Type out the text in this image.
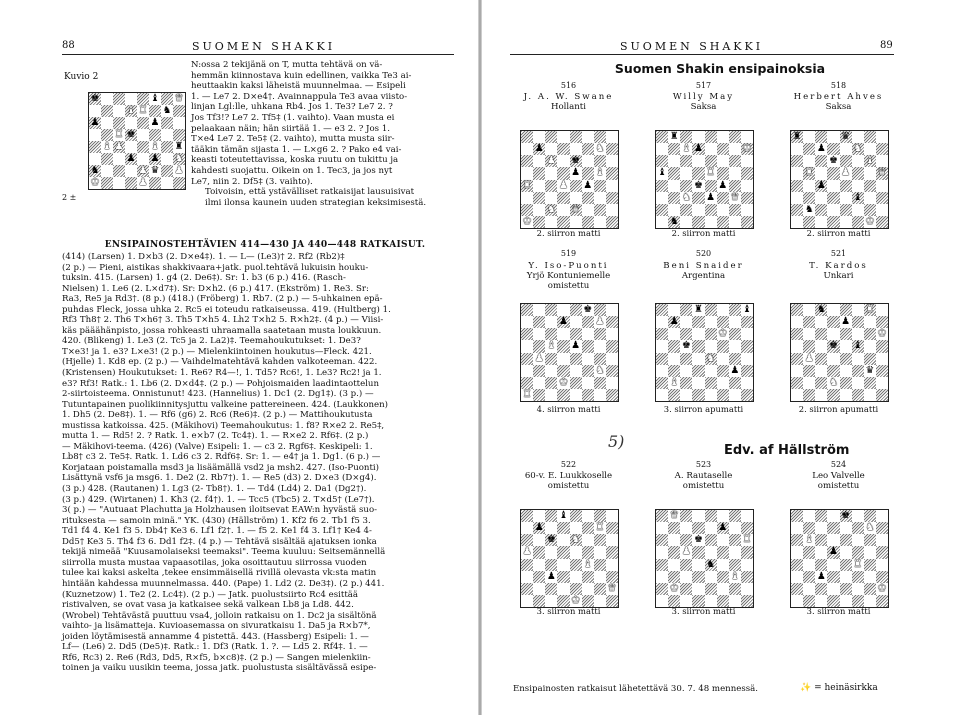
88	SUOMEN SHAKKI
Kuvio 2
♚	♝ ♛
♝ ♜ ♞
♟	♟
♜ ♚
♝ ♟	♝ ♜
♟ ♟ ♞
♞	♟ ♛ ♟
♚	♟
2 ±

N:ossa 2 tekijänä on T, mutta tehtävä on vä-

hemmän kiinnostava kuin edellinen, vaikka Te3 ai-

heuttaakin kaksi läheistä muunnelmaa. — Esipeli

1. — Le7 2. D×e4†. Avainnappula Te3 avaa viisto-

linjan Lgl:lle, uhkana Rb4. Jos 1. Te3? Le7 2. ?

Jos Tf3!? Le7 2. Tf5‡ (1. vaihto). Vaan musta ei

pelaakaan näin; hän siirtää 1. — e3 2. ? Jos 1.

T×e4 Le7 2. Te5‡ (2. vaihto), mutta musta siir-

tääkin tämän sijasta 1. — L×g6 2. ? Pako e4 vai-

keasti toteutettavissa, koska ruutu on tukittu ja

kahdesti suojattu. Oikein on 1. Tec3, ja jos nyt

Le7, niin 2. Df5‡ (3. vaihto).

Toivoisin, että ystävälliset ratkaisijat lausuisivat

ilmi ilonsa kaunein uuden strategian keksimisestä.

ENSIPAINOSTEHTÄVIEN 414—430 JA 440—448 RATKAISUT.

(414) (Larsen) 1. D×b3 (2. D×e4‡). 1. — L— (Le3)† 2. Rf2 (Rb2)‡

(2 p.) — Pieni, aistikas shakkivaara+jatk. puol.tehtävä lukuisin houku-

tuksin. 415. (Larsen) 1. g4 (2. De6‡). Sr: 1. b3 (6 p.) 416. (Rasch-

Nielsen) 1. Le6 (2. L×d7‡). Sr: D×h2. (6 p.) 417. (Ekström) 1. Re3. Sr:

Ra3, Re5 ja Rd3†. (8 p.) (418.) (Fröberg) 1. Rb7. (2 p.) — 5-uhkainen epä-

puhdas Fleck, jossa uhka 2. Rc5 ei toteudu ratkaiseussa. 419. (Hultberg) 1.

Rf3 Th8† 2. Th6 T×h6† 3. Th5 T×h5 4. Lh2 T×h2 5. R×h2‡. (4 p.) — Viisi-

käs pääähänpisto, jossa rohkeasti uhraamalla saatetaan musta loukkuun.

420. (Blikeng) 1. Le3 (2. Tc5 ja 2. La2)‡. Teemahoukutukset: 1. De3?

T×e3! ja 1. e3? L×e3! (2 p.) — Mielenkiintoinen houkutus—Fleck. 421.

(Hjelle) 1. Kd8 ep. (2 p.) — Vaihdelmatehtävä kahden valkoteeman. 422.

(Kristensen) Houkutukset: 1. Re6? R4—!, 1. Td5? Rc6!, 1. Le3? Rc2! ja 1.

e3? Rf3! Ratk.: 1. Lb6 (2. D×d4‡. (2 p.) — Pohjoismaiden laadintaottelun

2-siirtoisteema. Onnistunut! 423. (Hannelius) 1. Dc1 (2. Dg1‡). (3 p.) —

Tutuntapainen puolikiinnitysjuttu valkeine pattereineen. 424. (Laukkonen)

1. Dh5 (2. De8‡). 1. — Rf6 (g6) 2. Rc6 (Re6)‡. (2 p.) — Mattihoukutusta

mustissa katkoissa. 425. (Mäkihovi) Teemahoukutus: 1. f8? R×e2 2. Re5‡,

mutta 1. — Rd5! 2. ? Ratk. 1. e×b7 (2. Tc4‡). 1. — R×e2 2. Rf6‡. (2 p.)

— Mäkihovi-teema. (426) (Valve) Esipeli: 1. — c3 2. Rgf6‡. Keskipeli: 1.

Lb8† c3 2. Te5‡. Ratk. 1. Ld6 c3 2. Rdf6‡. Sr: 1. — e4† ja 1. Dg1. (6 p.) —

Korjataan poistamalla msd3 ja lisäämällä vsd2 ja msh2. 427. (Iso-Puonti)

Lisättynä vsf6 ja msg6. 1. De2 (2. Rb7†). 1. — Re5 (d3) 2. D×e3 (D×g4).

(3 p.) 428. (Rautanen) 1. Lg3 (2- Tb8†). 1. — Td4 (Ld4) 2. Da1 (Dg2†).

(3 p.) 429. (Wirtanen) 1. Kh3 (2. f4†). 1. — Tcc5 (Tbc5) 2. T×d5† (Le7†).

3( p.) — "Autuaat Plachutta ja Holzhausen iloitsevat EAW:n hyvästä suo-

rituksesta — samoin minä." YK. (430) (Hällström) 1. Kf2 f6 2. Tb1 f5 3.

Td1 f4 4. Ke1 f3 5. Db4† Ke3 6. Lf1 f2†. 1. — f5 2. Ke1 f4 3. Lf1† Ke4 4-

Dd5† Ke3 5. Th4 f3 6. Dd1 f2‡. (4 p.) — Tehtävä sisältää ajatuksen ionka

tekijä nimeää "Kuusamolaiseksi teemaksi". Teema kuuluu: Seitsemännellä

siirrolla musta mustaa vapaasotilas, joka osoittautuu siirrossa vuoden

tulee kai kaksi askelta ,tekee ensimmäisellä rivillä olevasta vk:sta matin

hintään kahdessa muunnelmassa. 440. (Pape) 1. Ld2 (2. De3‡). (2 p.) 441.

(Kuznetzow) 1. Te2 (2. Lc4‡). (2 p.) — Jatk. puolustsiirto Rc4 esittää

ristivalven, se ovat vasa ja katkaisee sekä valkean Lb8 ja Ld8. 442.

(Wrobel) Tehtävästä puuttuu vsa4, jolloin ratkaisu on 1. Dc2 ja sisältönä

vaihto- ja lisämatteja. Kuvioasemassa on sivuratkaisu 1. Da5 ja R×b7*,

joiden löytämisestä annamme 4 pistettä. 443. (Hassberg) Esipeli: 1. —

Lf— (Le6) 2. Dd5 (De5)‡. Ratk.: 1. Df3 (Ratk. 1. ?. — Ld5 2. Rf4‡. 1. —

Rf6, Rc3) 2. Re6 (Rd3, Dd5, R×f5, b×c8)‡. (2 p.) — Sangen mielenkiin-

toinen ja vaiku uusikin teema, jossa jatk. puolustusta sisältävässä esipe-

SUOMEN SHAKKI	89
Suomen Shakin ensipainoksia
Edv. af Hällström
5)
516
J. A. W. Swane
Hollanti
♟	♞
♟ ♚
♟ ♝
♜	♟ ♟
♞ ♛
♚
2. siirron matti
517
Willy May
Saksa
♜
♝ ♟	♚
♝	♜
♚ ♟
♞ ♟ ♛
♞
2. siirron matti
518
Herbert Ahves
Saksa
♜	♛
♟	♞
♚	♝
♜	♟	♛
♟
♝
♞
♚
2. siirron matti
519
Y. Iso-Puonti
Yrjö Kontuniemelle
omistettu
♚
♟	♟
♝ ♟
♟
♞
♚
♜
4. siirron matti
520
Beni Snaider
Argentina
♜	♝
♟
♚
♚
♞
♟
♝
3. siirron apumatti
521
T. Kardos
Unkari
♞	♜
♟
♚
♚ ♝
♟
♛
♞
2. siirron apumatti
522
60-v. E. Luukkoselle
omistettu
♝
♟	♜
♚ ♞
♟
♝
♟
♛
♚
3. siirron matti
523
A. Rautaselle
omistettu
♛
♟
♚	♜
♟
♞
♝
♚
3. siirron matti
524
Leo Valvelle
omistettu
♚
♞
♝
♟
♜
♟
♚
3. siirron matti
Ensipainosten ratkaisut lähetettävä 30. 7. 48 mennessä.	✨ = heinäsirkka
